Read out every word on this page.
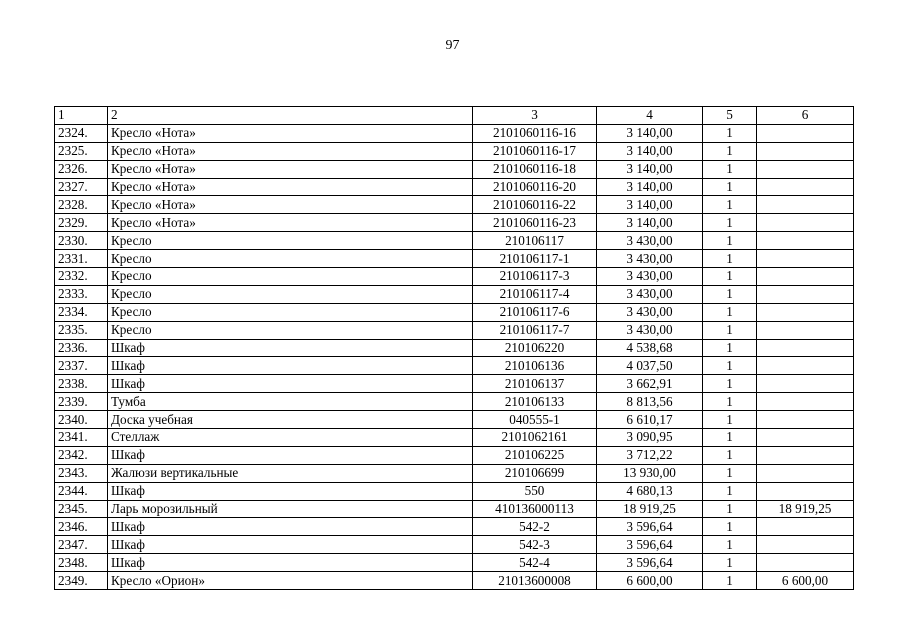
97
1	2	3	4	5	6
2324.	Кресло «Нота»	2101060116-16	3 140,00	1	
2325.	Кресло «Нота»	2101060116-17	3 140,00	1	
2326.	Кресло «Нота»	2101060116-18	3 140,00	1	
2327.	Кресло «Нота»	2101060116-20	3 140,00	1	
2328.	Кресло «Нота»	2101060116-22	3 140,00	1	
2329.	Кресло «Нота»	2101060116-23	3 140,00	1	
2330.	Кресло	210106117	3 430,00	1	
2331.	Кресло	210106117-1	3 430,00	1	
2332.	Кресло	210106117-3	3 430,00	1	
2333.	Кресло	210106117-4	3 430,00	1	
2334.	Кресло	210106117-6	3 430,00	1	
2335.	Кресло	210106117-7	3 430,00	1	
2336.	Шкаф	210106220	4 538,68	1	
2337.	Шкаф	210106136	4 037,50	1	
2338.	Шкаф	210106137	3 662,91	1	
2339.	Тумба	210106133	8 813,56	1	
2340.	Доска учебная	040555-1	6 610,17	1	
2341.	Стеллаж	2101062161	3 090,95	1	
2342.	Шкаф	210106225	3 712,22	1	
2343.	Жалюзи вертикальные	210106699	13 930,00	1	
2344.	Шкаф	550	4 680,13	1	
2345.	Ларь морозильный	410136000113	18 919,25	1	18 919,25
2346.	Шкаф	542-2	3 596,64	1	
2347.	Шкаф	542-3	3 596,64	1	
2348.	Шкаф	542-4	3 596,64	1	
2349.	Кресло «Орион»	21013600008	6 600,00	1	6 600,00
